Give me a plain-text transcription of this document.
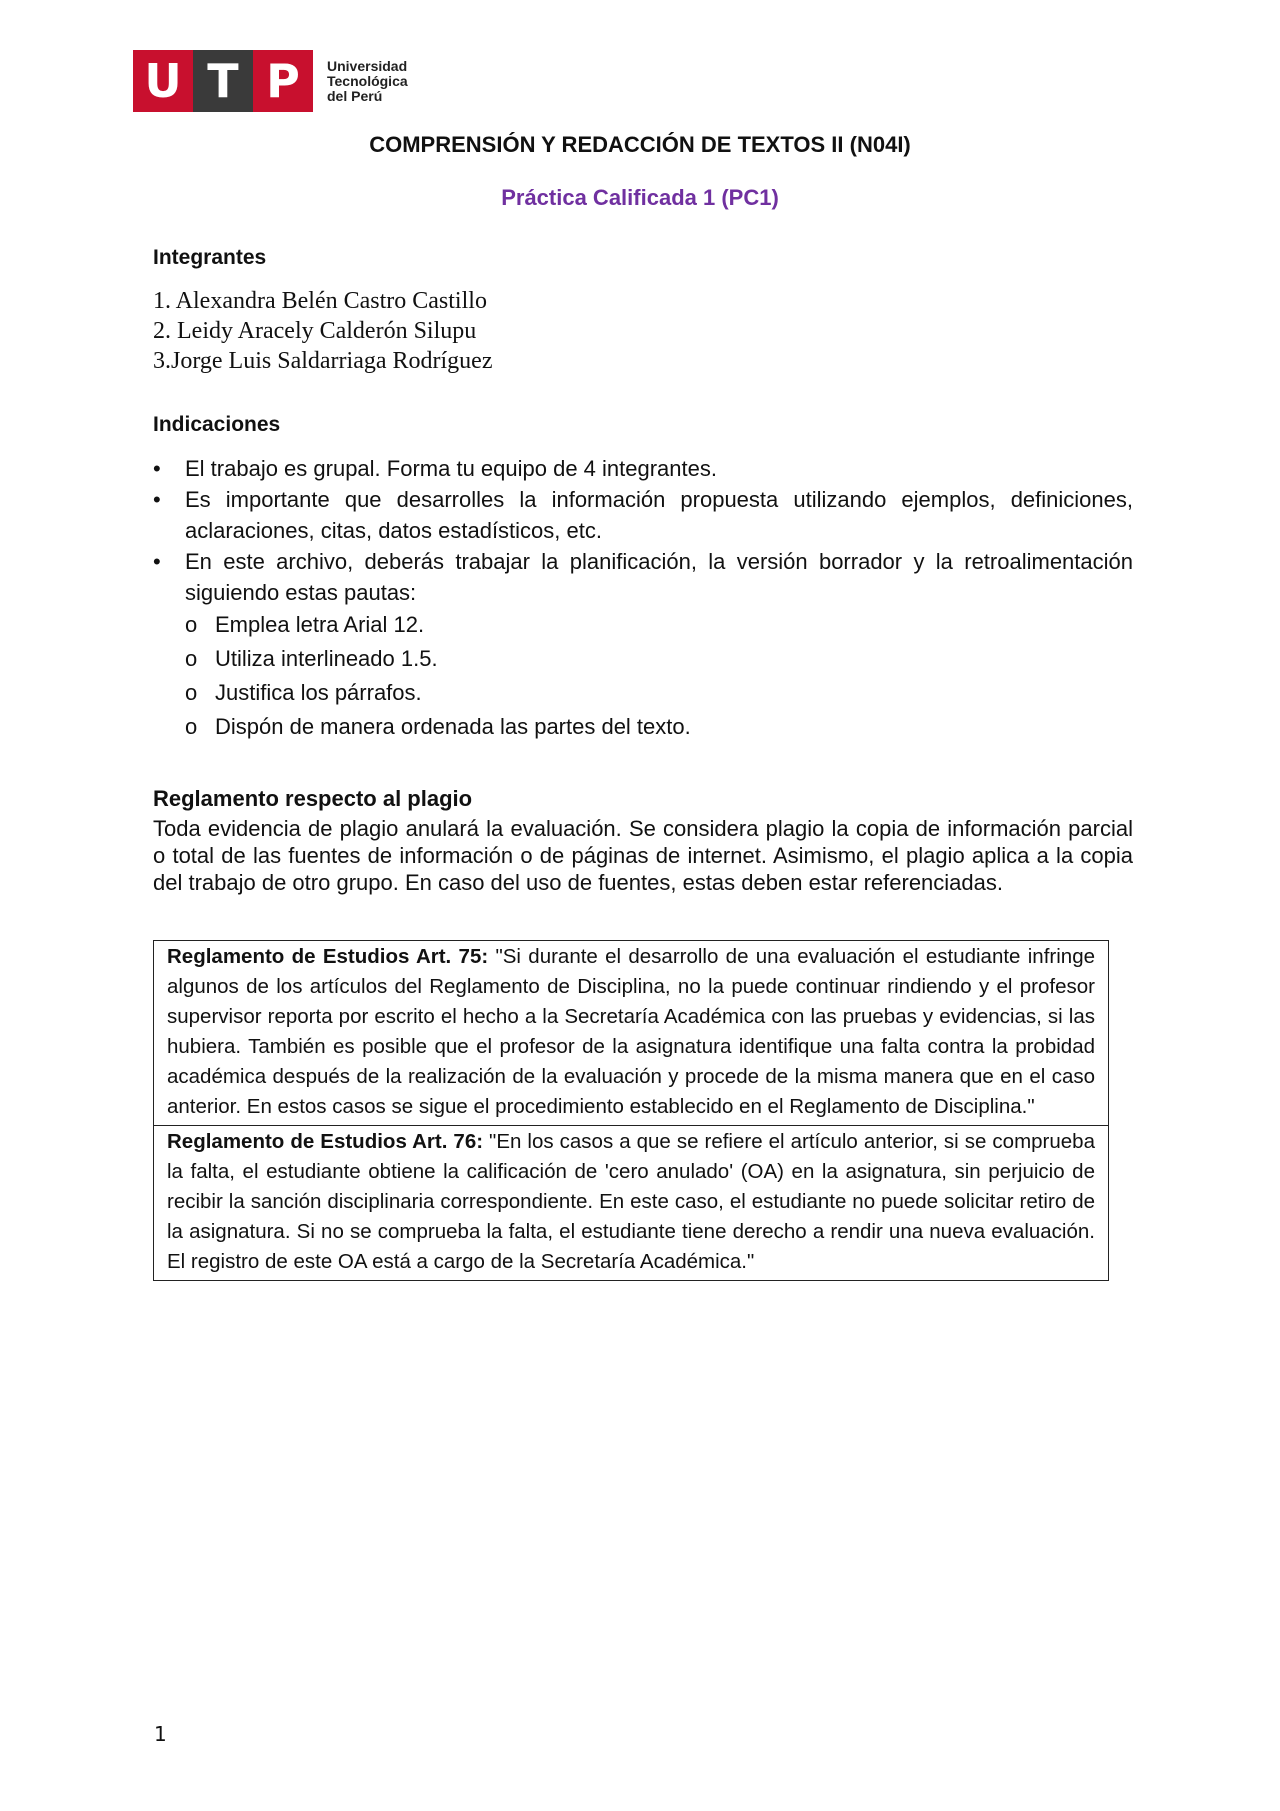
U T P	Universidad
Tecnológica
del Perú
COMPRENSIÓN Y REDACCIÓN DE TEXTOS II (N04I)
Práctica Calificada 1 (PC1)
Integrantes
1. Alexandra Belén Castro Castillo
2. Leidy Aracely Calderón Silupu
3.Jorge Luis Saldarriaga Rodríguez
Indicaciones
• El trabajo es grupal. Forma tu equipo de 4 integrantes.
• Es importante que desarrolles la información propuesta utilizando ejemplos, definiciones, aclaraciones, citas, datos estadísticos, etc.
• En este archivo, deberás trabajar la planificación, la versión borrador y la retroalimentación siguiendo estas pautas:
o Emplea letra Arial 12.
o Utiliza interlineado 1.5.
o Justifica los párrafos.
o Dispón de manera ordenada las partes del texto.
Reglamento respecto al plagio

Toda evidencia de plagio anulará la evaluación. Se considera plagio la copia de información parcial o total de las fuentes de información o de páginas de internet. Asimismo, el plagio aplica a la copia del trabajo de otro grupo. En caso del uso de fuentes, estas deben estar referenciadas.

Reglamento de Estudios Art. 75: "Si durante el desarrollo de una evaluación el estudiante infringe algunos de los artículos del Reglamento de Disciplina, no la puede continuar rindiendo y el profesor supervisor reporta por escrito el hecho a la Secretaría Académica con las pruebas y evidencias, si las hubiera. También es posible que el profesor de la asignatura identifique una falta contra la probidad académica después de la realización de la evaluación y procede de la misma manera que en el caso anterior. En estos casos se sigue el procedimiento establecido en el Reglamento de Disciplina."
Reglamento de Estudios Art. 76: "En los casos a que se refiere el artículo anterior, si se comprueba la falta, el estudiante obtiene la calificación de 'cero anulado' (OA) en la asignatura, sin perjuicio de recibir la sanción disciplinaria correspondiente. En este caso, el estudiante no puede solicitar retiro de la asignatura. Si no se comprueba la falta, el estudiante tiene derecho a rendir una nueva evaluación. El registro de este OA está a cargo de la Secretaría Académica."
1
